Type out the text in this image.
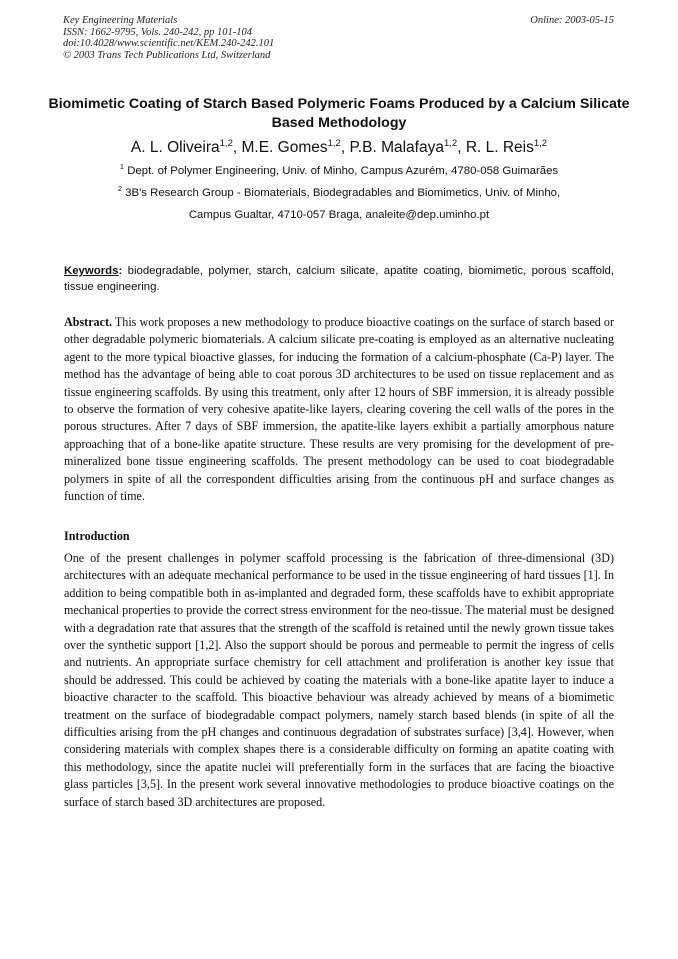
Key Engineering Materials
ISSN: 1662-9795, Vols. 240-242, pp 101-104
doi:10.4028/www.scientific.net/KEM.240-242.101
© 2003 Trans Tech Publications Ltd, Switzerland
Online: 2003-05-15
Biomimetic Coating of Starch Based Polymeric Foams Produced by a Calcium Silicate Based Methodology
A. L. Oliveira$^{1,2}$, M.E. Gomes$^{1,2}$, P.B. Malafaya$^{1,2}$, R. L. Reis$^{1,2}$
$^1$ Dept. of Polymer Engineering, Univ. of Minho, Campus Azurém, 4780-058 Guimarães
$^2$ 3B's Research Group - Biomaterials, Biodegradables and Biomimetics, Univ. of Minho,
Campus Gualtar, 4710-057 Braga, analeite@dep.uminho.pt
Keywords: biodegradable, polymer, starch, calcium silicate, apatite coating, biomimetic, porous scaffold, tissue engineering.
Abstract. This work proposes a new methodology to produce bioactive coatings on the surface of starch based or other degradable polymeric biomaterials. A calcium silicate pre-coating is employed as an alternative nucleating agent to the more typical bioactive glasses, for inducing the formation of a calcium-phosphate (Ca-P) layer. The method has the advantage of being able to coat porous 3D architectures to be used on tissue replacement and as tissue engineering scaffolds. By using this treatment, only after 12 hours of SBF immersion, it is already possible to observe the formation of very cohesive apatite-like layers, clearing covering the cell walls of the pores in the porous structures. After 7 days of SBF immersion, the apatite-like layers exhibit a partially amorphous nature approaching that of a bone-like apatite structure. These results are very promising for the development of pre-mineralized bone tissue engineering scaffolds. The present methodology can be used to coat biodegradable polymers in spite of all the correspondent difficulties arising from the continuous pH and surface changes as function of time.
Introduction
One of the present challenges in polymer scaffold processing is the fabrication of three-dimensional (3D) architectures with an adequate mechanical performance to be used in the tissue engineering of hard tissues [1]. In addition to being compatible both in as-implanted and degraded form, these scaffolds have to exhibit appropriate mechanical properties to provide the correct stress environment for the neo-tissue. The material must be designed with a degradation rate that assures that the strength of the scaffold is retained until the newly grown tissue takes over the synthetic support [1,2]. Also the support should be porous and permeable to permit the ingress of cells and nutrients. An appropriate surface chemistry for cell attachment and proliferation is another key issue that should be addressed. This could be achieved by coating the materials with a bone-like apatite layer to induce a bioactive character to the scaffold. This bioactive behaviour was already achieved by means of a biomimetic treatment on the surface of biodegradable compact polymers, namely starch based blends (in spite of all the difficulties arising from the pH changes and continuous degradation of substrates surface) [3,4]. However, when considering materials with complex shapes there is a considerable difficulty on forming an apatite coating with this methodology, since the apatite nuclei will preferentially form in the surfaces that are facing the bioactive glass particles [3,5]. In the present work several innovative methodologies to produce bioactive coatings on the surface of starch based 3D architectures are proposed.
